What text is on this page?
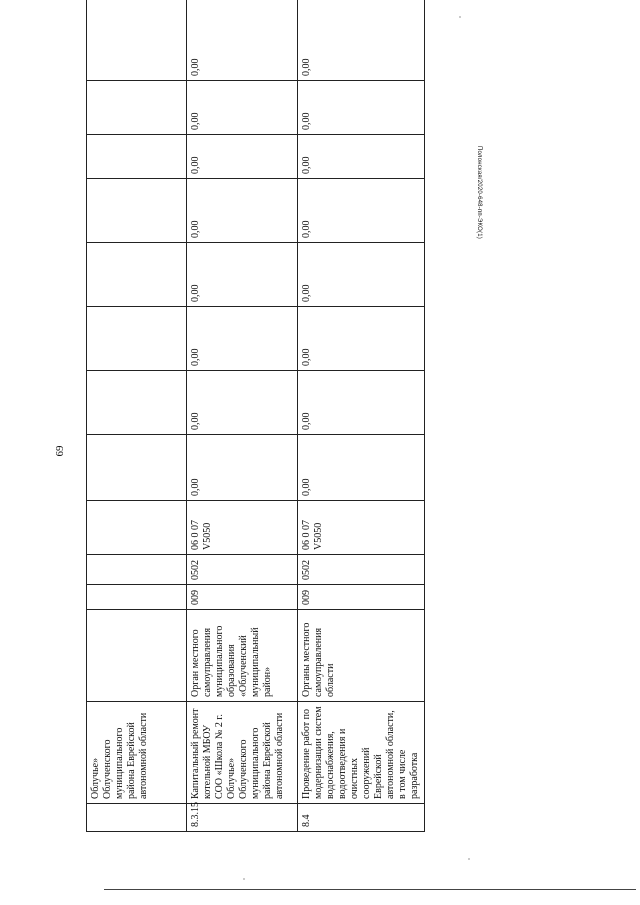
69
Полонская/2020-648-пп-ЭКО(1)
	Облучье» Облученского муниципального района Еврейской автономной области												
8.3.15	Капитальный ремонт котельной МБОУ СОО «Школа № 2 г. Облучье» Облученского муниципального района Еврейской автономной области	Орган местного самоуправления муниципального образования «Облученский муниципальный район»	009	0502	06 0 07 V5050	0,00	0,00	0,00	0,00	0,00	0,00	0,00	0,00
8.4	Проведение работ по модернизации систем водоснабжения, водоотведения и очистных сооружений Еврейской автономной области, в том числе разработка	Органы местного самоуправления области	009	0502	06 0 07 V5050	0,00	0,00	0,00	0,00	0,00	0,00	0,00	0,00
